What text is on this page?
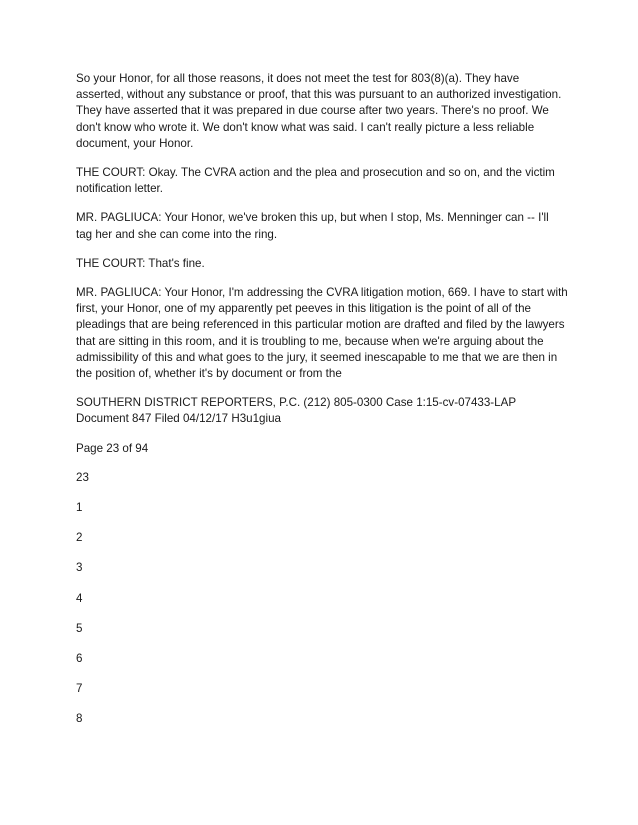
So your Honor, for all those reasons, it does not meet the test for 803(8)(a). They have asserted, without any substance or proof, that this was pursuant to an authorized investigation. They have asserted that it was prepared in due course after two years. There's no proof. We don't know who wrote it. We don't know what was said. I can't really picture a less reliable document, your Honor.

THE COURT: Okay. The CVRA action and the plea and prosecution and so on, and the victim notification letter.

MR. PAGLIUCA: Your Honor, we've broken this up, but when I stop, Ms. Menninger can -- I'll tag her and she can come into the ring.

THE COURT: That's fine.

MR. PAGLIUCA: Your Honor, I'm addressing the CVRA litigation motion, 669. I have to start with first, your Honor, one of my apparently pet peeves in this litigation is the point of all of the pleadings that are being referenced in this particular motion are drafted and filed by the lawyers that are sitting in this room, and it is troubling to me, because when we're arguing about the admissibility of this and what goes to the jury, it seemed inescapable to me that we are then in the position of, whether it's by document or from the

SOUTHERN DISTRICT REPORTERS, P.C. (212) 805-0300 Case 1:15-cv-07433-LAP Document 847 Filed 04/12/17 H3u1giua

Page 23 of 94

23

1

2

3

4

5

6

7

8
